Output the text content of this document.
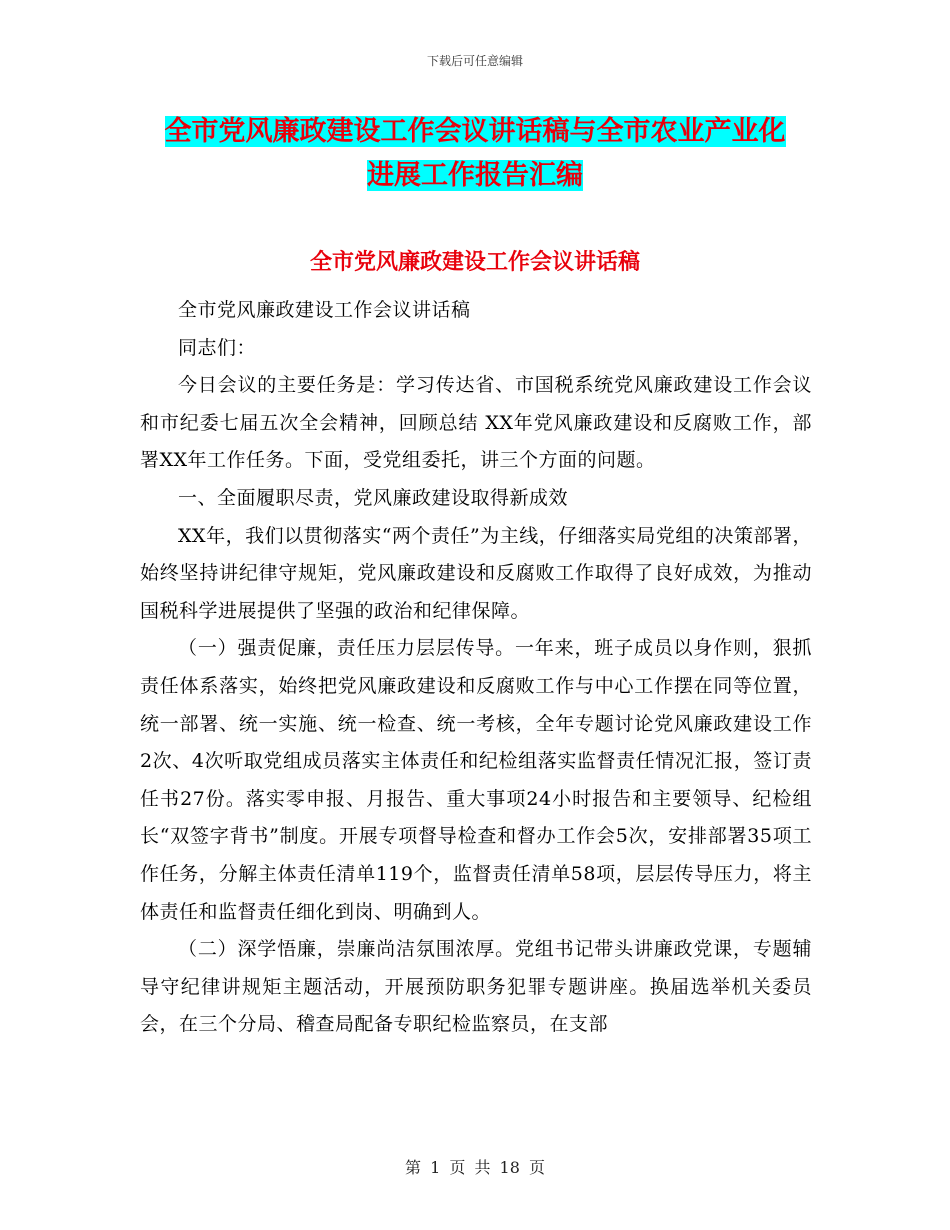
下载后可任意编辑
全市党风廉政建设工作会议讲话稿与全市农业产业化
进展工作报告汇编
全市党风廉政建设工作会议讲话稿

全市党风廉政建设工作会议讲话稿

同志们：

今日会议的主要任务是：学习传达省、市国税系统党风廉政建设工作会议和市纪委七届五次全会精神，回顾总结 XX年党风廉政建设和反腐败工作，部署XX年工作任务。下面，受党组委托，讲三个方面的问题。

一、全面履职尽责，党风廉政建设取得新成效

XX年，我们以贯彻落实“两个责任”为主线，仔细落实局党组的决策部署，始终坚持讲纪律守规矩，党风廉政建设和反腐败工作取得了良好成效，为推动国税科学进展提供了坚强的政治和纪律保障。

（一）强责促廉，责任压力层层传导。一年来，班子成员以身作则，狠抓责任体系落实，始终把党风廉政建设和反腐败工作与中心工作摆在同等位置，统一部署、统一实施、统一检查、统一考核，全年专题讨论党风廉政建设工作2次、4次听取党组成员落实主体责任和纪检组落实监督责任情况汇报，签订责任书27份。落实零申报、月报告、重大事项24小时报告和主要领导、纪检组长“双签字背书”制度。开展专项督导检查和督办工作会5次，安排部署35项工作任务，分解主体责任清单119个，监督责任清单58项，层层传导压力，将主体责任和监督责任细化到岗、明确到人。

（二）深学悟廉，崇廉尚洁氛围浓厚。党组书记带头讲廉政党课，专题辅导守纪律讲规矩主题活动，开展预防职务犯罪专题讲座。换届选举机关委员会，在三个分局、稽查局配备专职纪检监察员，在支部

第 1 页 共 18 页
